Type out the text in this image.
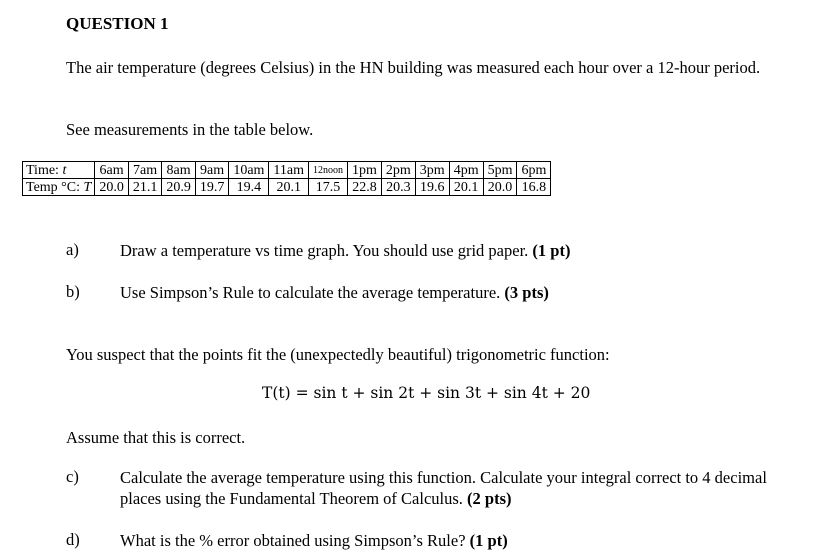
QUESTION 1
The air temperature (degrees Celsius) in the HN building was measured each hour over a 12-hour period.
See measurements in the table below.
Time: t	6am	7am	8am	9am	10am	11am	12noon	1pm	2pm	3pm	4pm	5pm	6pm
Temp °C: T	20.0	21.1	20.9	19.7	19.4	20.1	17.5	22.8	20.3	19.6	20.1	20.0	16.8
a) Draw a temperature vs time graph. You should use grid paper. (1 pt)
b) Use Simpson’s Rule to calculate the average temperature. (3 pts)
You suspect that the points fit the (unexpectedly beautiful) trigonometric function:
T(t) = sin t + sin 2t + sin 3t + sin 4t + 20
Assume that this is correct.
c) Calculate the average temperature using this function. Calculate your integral correct to 4 decimal places using the Fundamental Theorem of Calculus. (2 pts)
d) What is the % error obtained using Simpson’s Rule? (1 pt)
